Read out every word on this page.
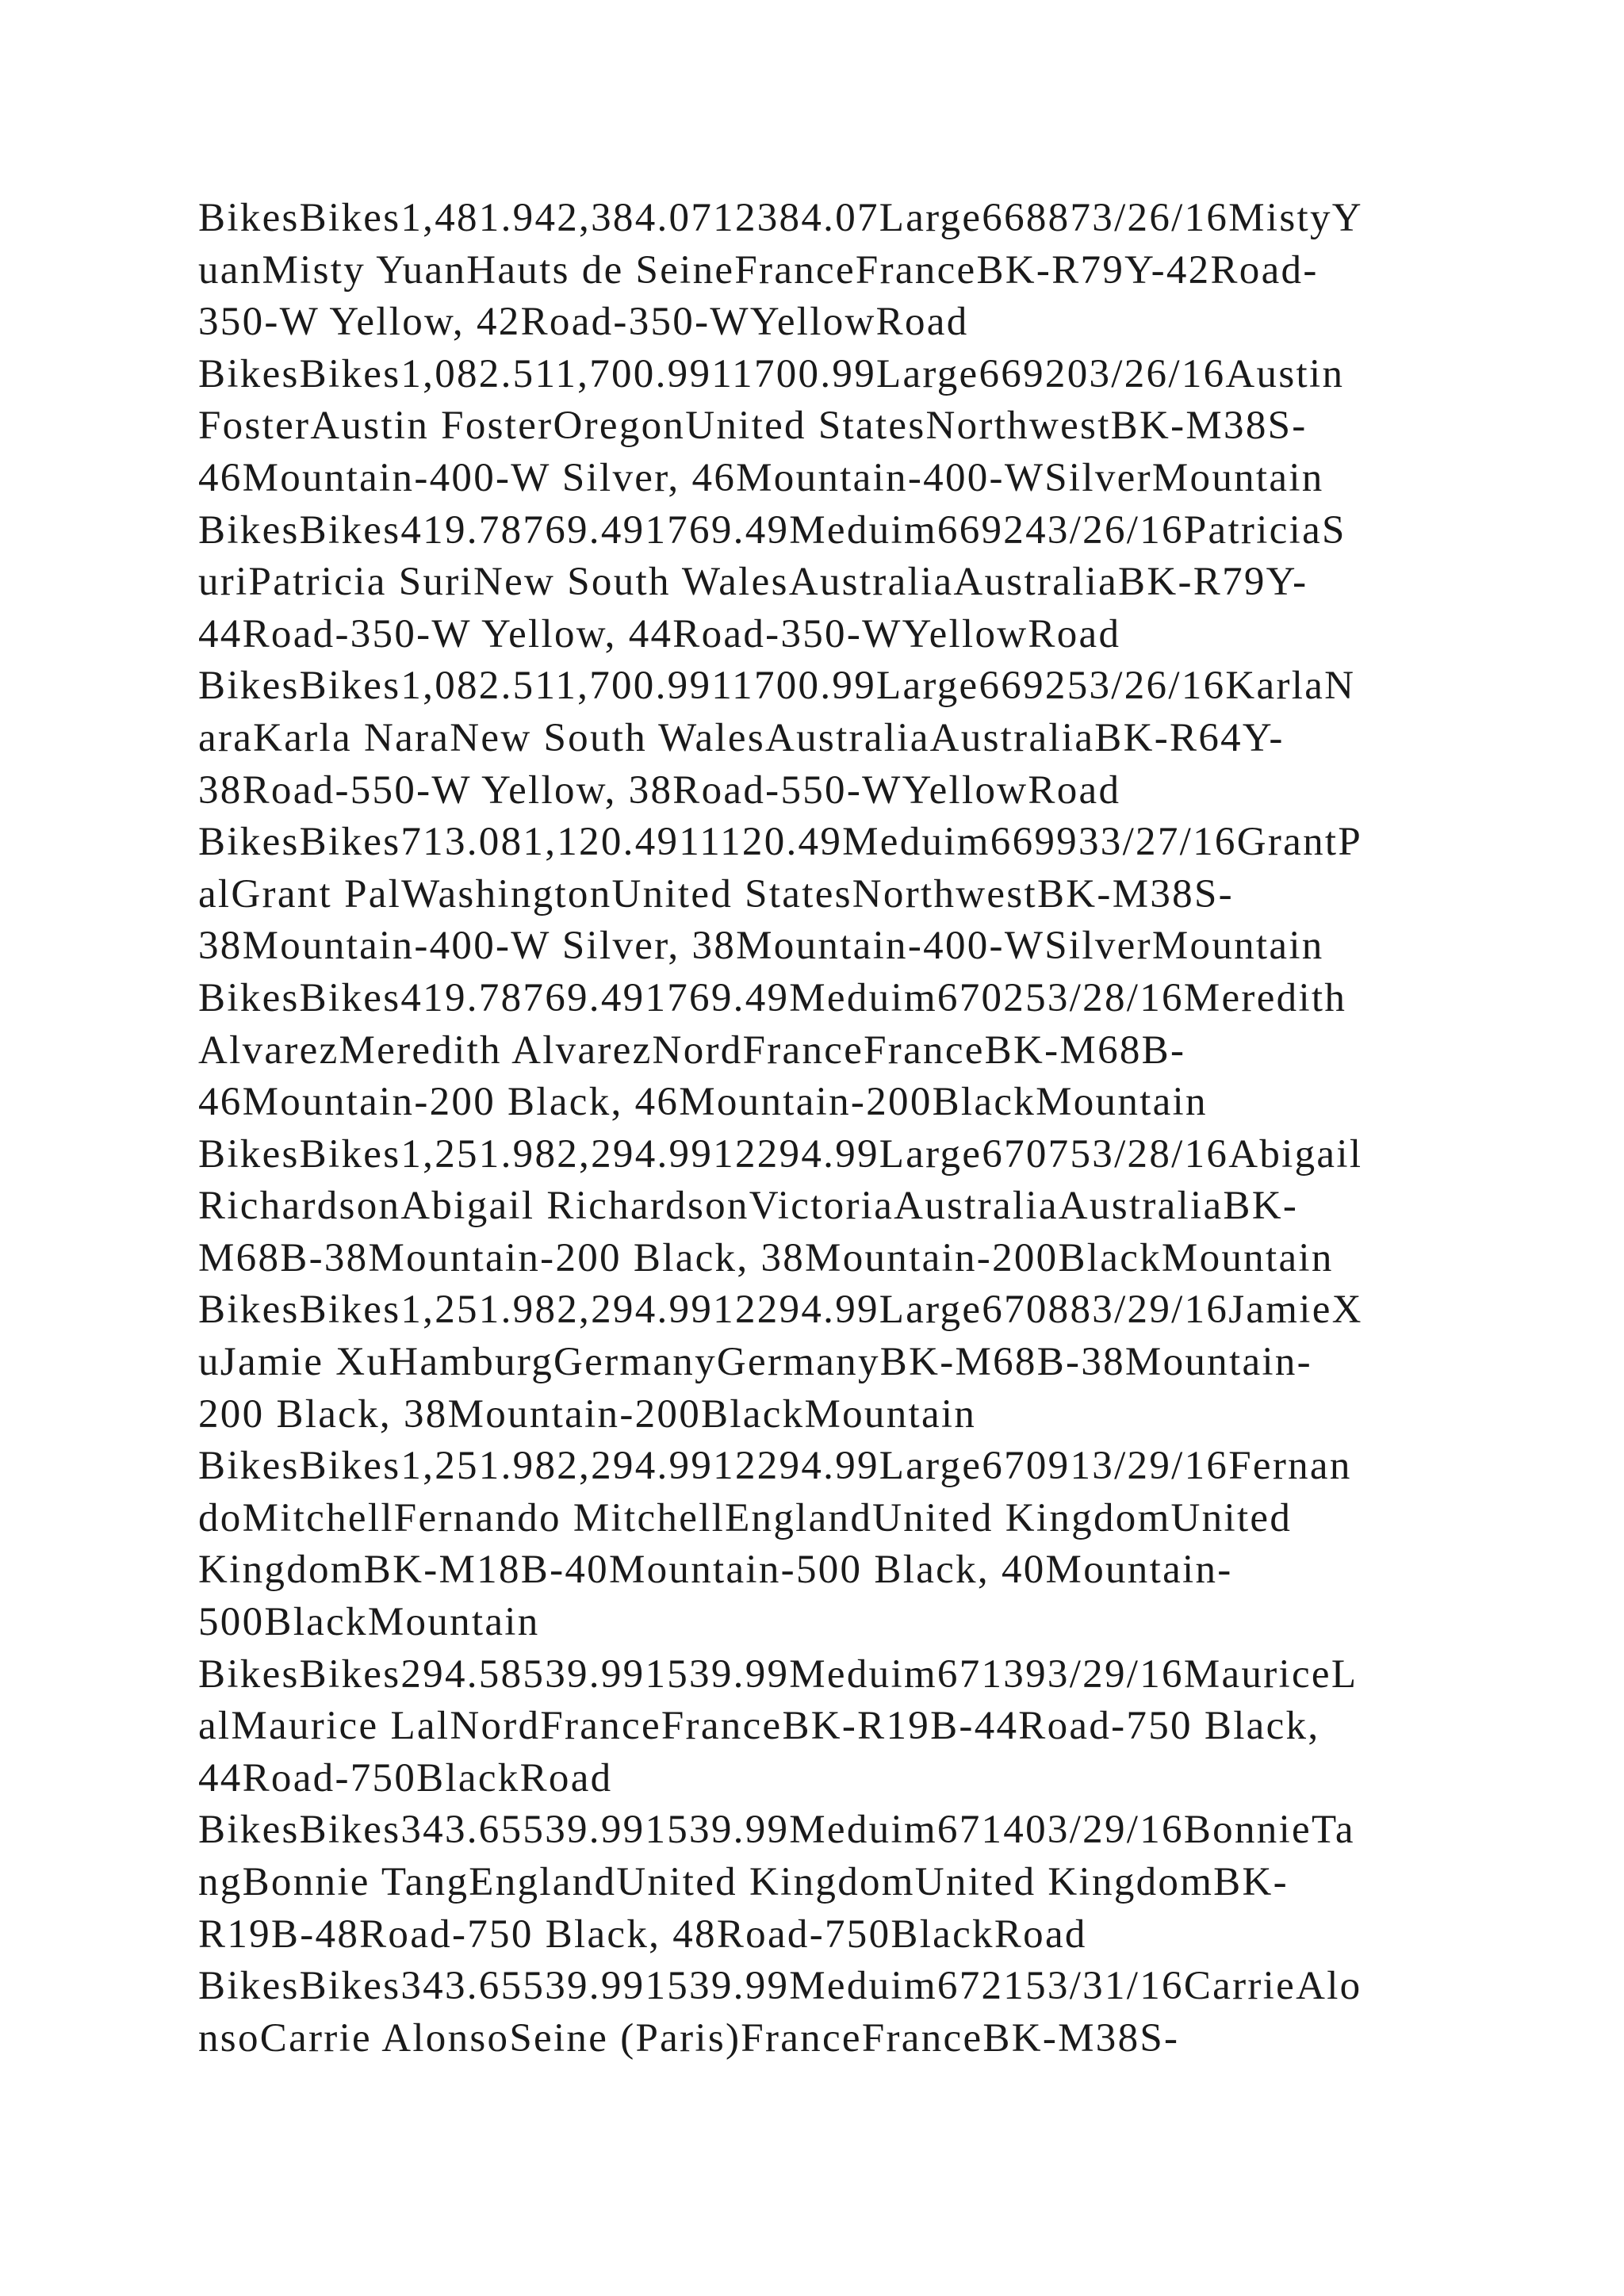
BikesBikes1,481.942,384.0712384.07Large668873/26/16MistyY
uanMisty YuanHauts de SeineFranceFranceBK-R79Y-42Road-
350-W Yellow, 42Road-350-WYellowRoad
BikesBikes1,082.511,700.9911700.99Large669203/26/16Austin
FosterAustin FosterOregonUnited StatesNorthwestBK-M38S-
46Mountain-400-W Silver, 46Mountain-400-WSilverMountain
BikesBikes419.78769.491769.49Meduim669243/26/16PatriciaS
uriPatricia SuriNew South WalesAustraliaAustraliaBK-R79Y-
44Road-350-W Yellow, 44Road-350-WYellowRoad
BikesBikes1,082.511,700.9911700.99Large669253/26/16KarlaN
araKarla NaraNew South WalesAustraliaAustraliaBK-R64Y-
38Road-550-W Yellow, 38Road-550-WYellowRoad
BikesBikes713.081,120.4911120.49Meduim669933/27/16GrantP
alGrant PalWashingtonUnited StatesNorthwestBK-M38S-
38Mountain-400-W Silver, 38Mountain-400-WSilverMountain
BikesBikes419.78769.491769.49Meduim670253/28/16Meredith
AlvarezMeredith AlvarezNordFranceFranceBK-M68B-
46Mountain-200 Black, 46Mountain-200BlackMountain
BikesBikes1,251.982,294.9912294.99Large670753/28/16Abigail
RichardsonAbigail RichardsonVictoriaAustraliaAustraliaBK-
M68B-38Mountain-200 Black, 38Mountain-200BlackMountain
BikesBikes1,251.982,294.9912294.99Large670883/29/16JamieX
uJamie XuHamburgGermanyGermanyBK-M68B-38Mountain-
200 Black, 38Mountain-200BlackMountain
BikesBikes1,251.982,294.9912294.99Large670913/29/16Fernan
doMitchellFernando MitchellEnglandUnited KingdomUnited
KingdomBK-M18B-40Mountain-500 Black, 40Mountain-
500BlackMountain
BikesBikes294.58539.991539.99Meduim671393/29/16MauriceL
alMaurice LalNordFranceFranceBK-R19B-44Road-750 Black,
44Road-750BlackRoad
BikesBikes343.65539.991539.99Meduim671403/29/16BonnieTa
ngBonnie TangEnglandUnited KingdomUnited KingdomBK-
R19B-48Road-750 Black, 48Road-750BlackRoad
BikesBikes343.65539.991539.99Meduim672153/31/16CarrieAlo
nsoCarrie AlonsoSeine (Paris)FranceFranceBK-M38S-
